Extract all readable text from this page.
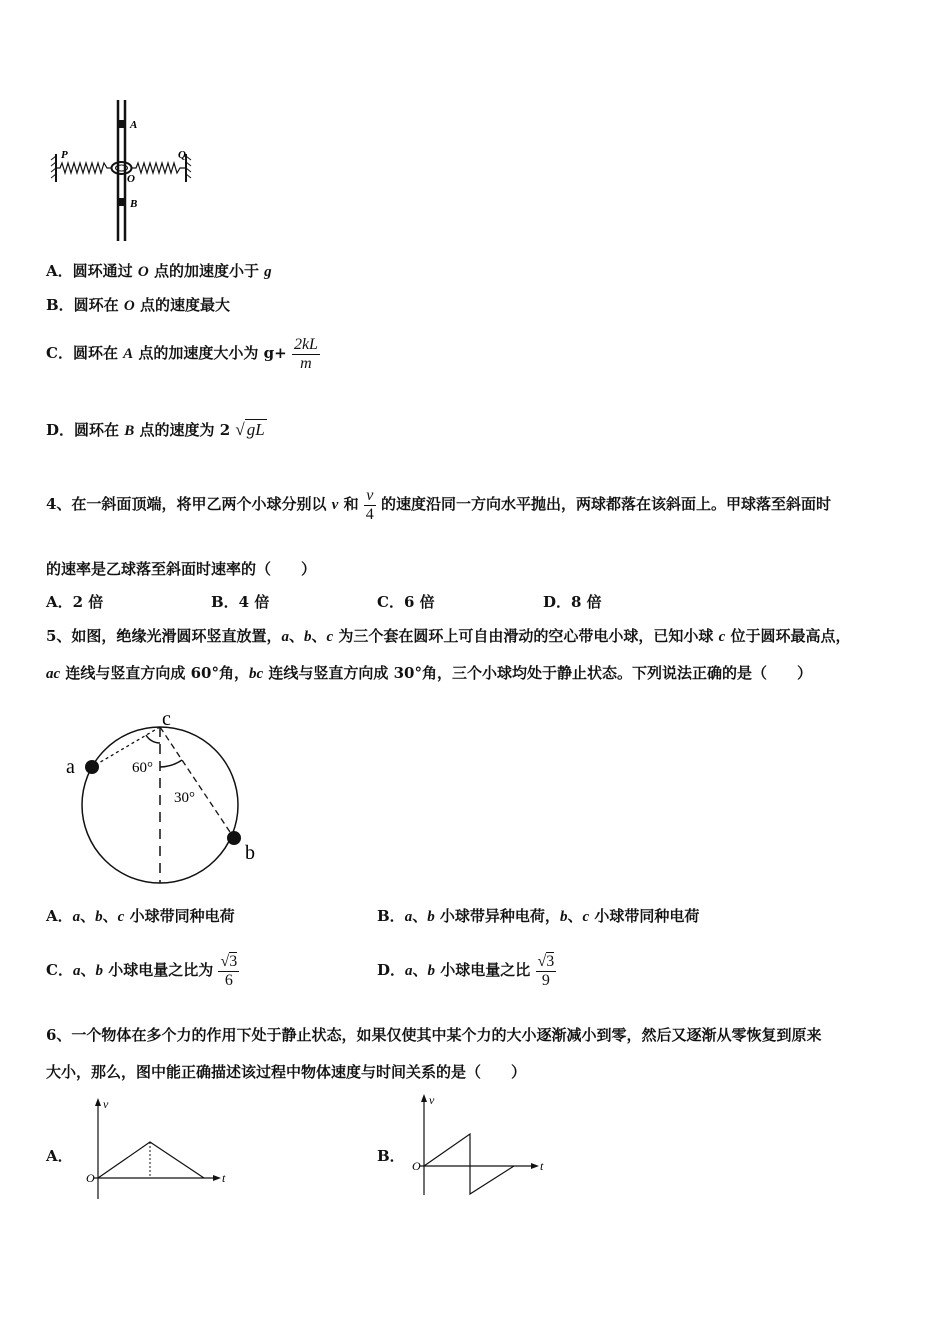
A
B
O
P	Q
A．圆环通过 O 点的加速度小于 g
B．圆环在 O 点的速度最大
C．圆环在 A 点的加速度大小为 $g+ \frac{2kL}{m}$
D．圆环在 B 点的速度为 2 √ gL
4、在一斜面顶端，将甲乙两个小球分别以 v 和 $\frac{v}{4}$ 的速度沿同一方向水平抛出，两球都落在该斜面上。甲球落至斜面时
的速率是乙球落至斜面时速率的（　　）
A．2 倍	B．4 倍	C．6 倍	D．8 倍
5、如图，绝缘光滑圆环竖直放置，a、b、c 为三个套在圆环上可自由滑动的空心带电小球，已知小球 c 位于圆环最高点，
ac 连线与竖直方向成 60°角，bc 连线与竖直方向成 30°角，三个小球均处于静止状态。下列说法正确的是（　　）
a
b
c
60°
30°
A．a、b、c 小球带同种电荷	B．a、b 小球带异种电荷，b、c 小球带同种电荷
C．a、b 小球电量之比为 $\frac{√3}{6}$	D．a、b 小球电量之比 $\frac{√3}{9}$
6、一个物体在多个力的作用下处于静止状态，如果仅使其中某个力的大小逐渐减小到零，然后又逐渐从零恢复到原来
大小，那么，图中能正确描述该过程中物体速度与时间关系的是（　　）
A．
v
t
O
B．
v
t
O
